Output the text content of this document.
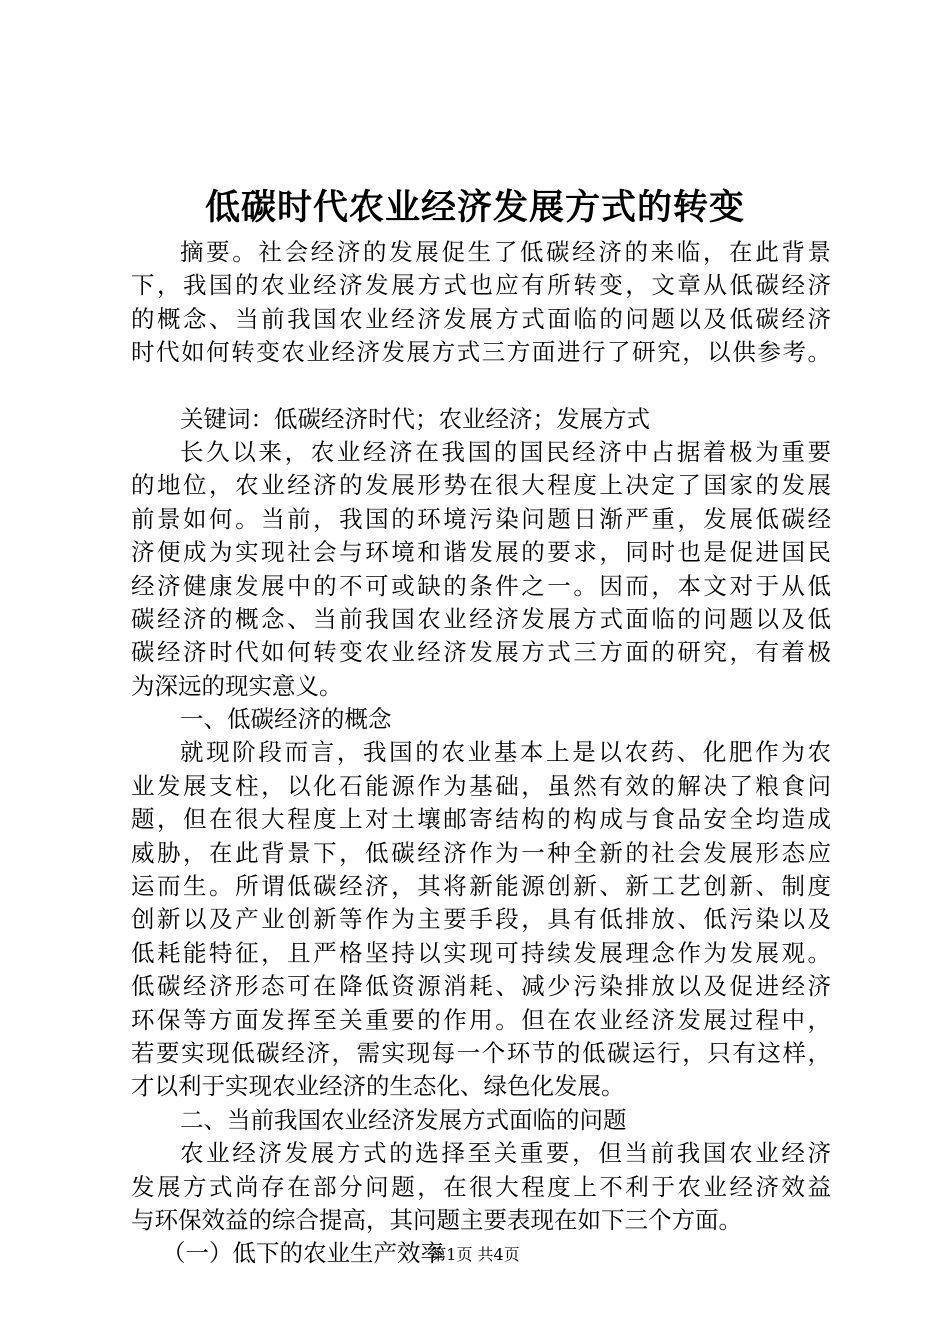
低碳时代农业经济发展方式的转变
摘要。社会经济的发展促生了低碳经济的来临，在此背景
下，我国的农业经济发展方式也应有所转变，文章从低碳经济
的概念、当前我国农业经济发展方式面临的问题以及低碳经济
时代如何转变农业经济发展方式三方面进行了研究，以供参考。
关键词：低碳经济时代；农业经济；发展方式
长久以来，农业经济在我国的国民经济中占据着极为重要
的地位，农业经济的发展形势在很大程度上决定了国家的发展
前景如何。当前，我国的环境污染问题日渐严重，发展低碳经
济便成为实现社会与环境和谐发展的要求，同时也是促进国民
经济健康发展中的不可或缺的条件之一。因而，本文对于从低
碳经济的概念、当前我国农业经济发展方式面临的问题以及低
碳经济时代如何转变农业经济发展方式三方面的研究，有着极
为深远的现实意义。
一、低碳经济的概念
就现阶段而言，我国的农业基本上是以农药、化肥作为农
业发展支柱，以化石能源作为基础，虽然有效的解决了粮食问
题，但在很大程度上对土壤邮寄结构的构成与食品安全均造成
威胁，在此背景下，低碳经济作为一种全新的社会发展形态应
运而生。所谓低碳经济，其将新能源创新、新工艺创新、制度
创新以及产业创新等作为主要手段，具有低排放、低污染以及
低耗能特征，且严格坚持以实现可持续发展理念作为发展观。
低碳经济形态可在降低资源消耗、减少污染排放以及促进经济
环保等方面发挥至关重要的作用。但在农业经济发展过程中，
若要实现低碳经济，需实现每一个环节的低碳运行，只有这样，
才以利于实现农业经济的生态化、绿色化发展。
二、当前我国农业经济发展方式面临的问题
农业经济发展方式的选择至关重要，但当前我国农业经济
发展方式尚存在部分问题，在很大程度上不利于农业经济效益
与环保效益的综合提高，其问题主要表现在如下三个方面。
（一）低下的农业生产效率
第1页 共4页
